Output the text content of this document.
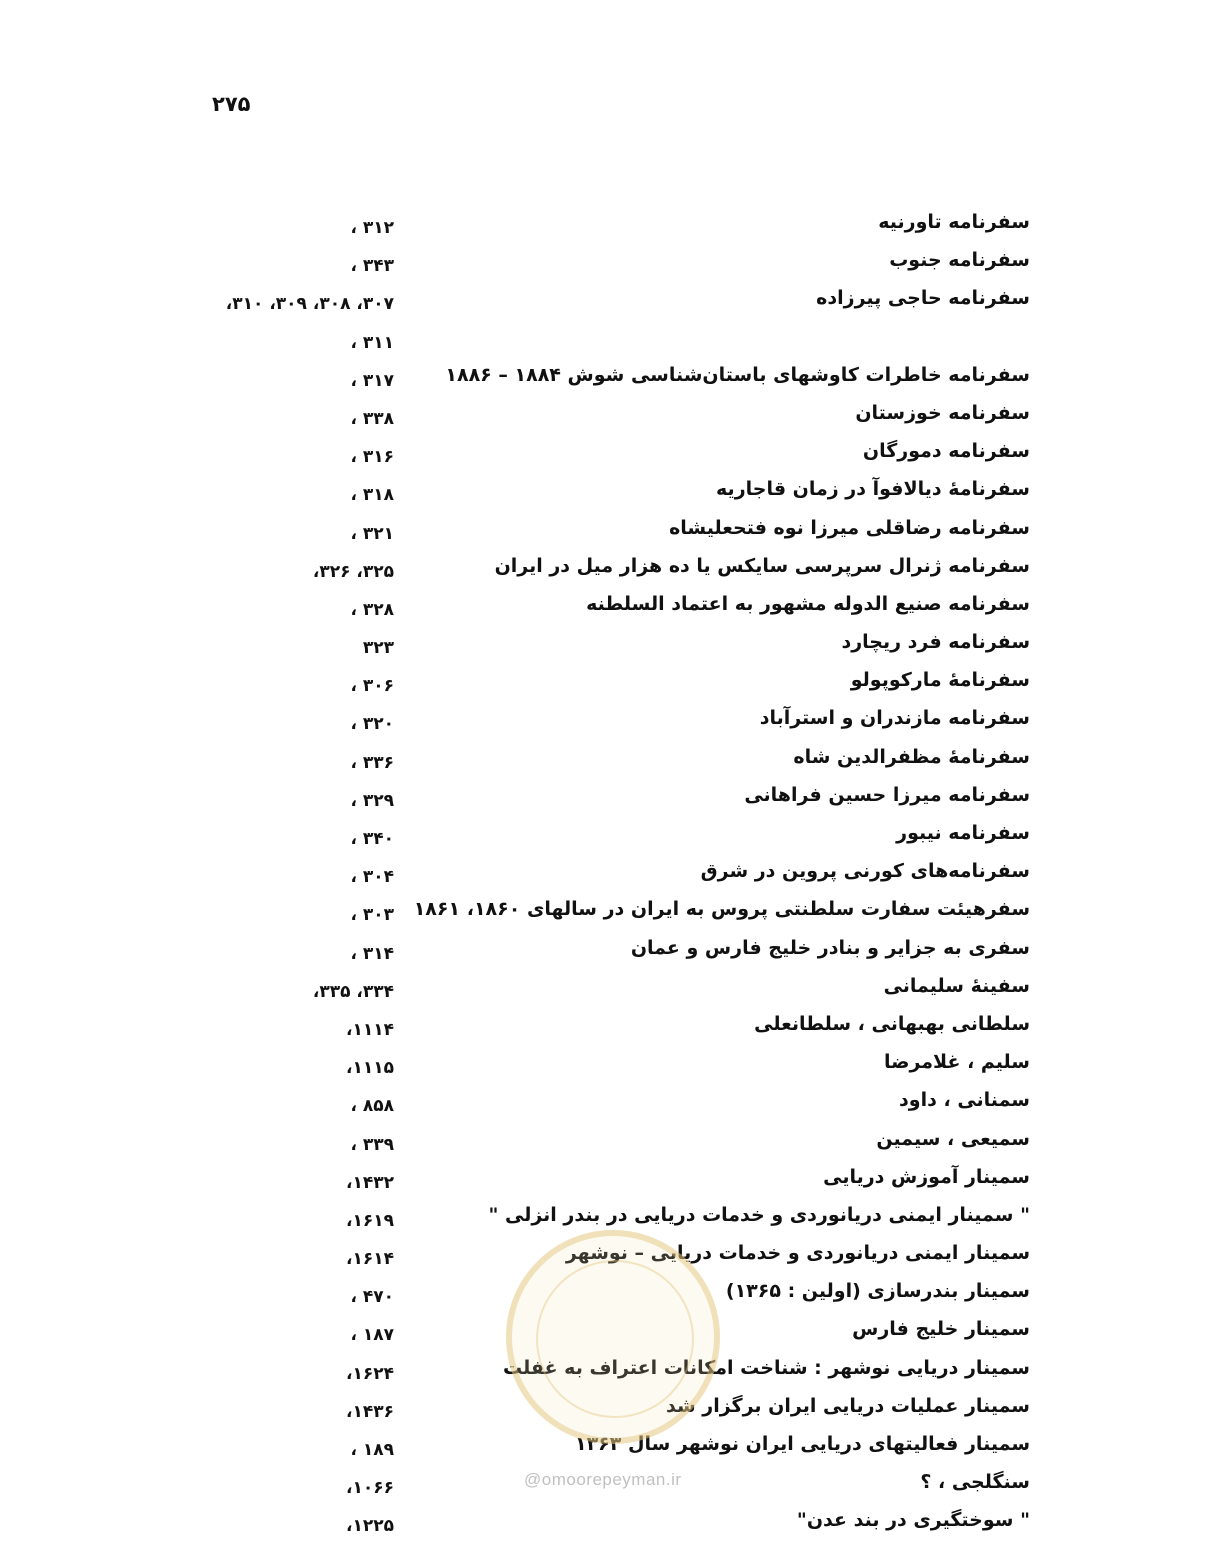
۲۷۵
سفرنامه تاورنیه
۳۱۲ ،
سفرنامه جنوب
۳۴۳ ،
سفرنامه حاجی پیرزاده
۳۰۷، ۳۰۸، ۳۰۹، ۳۱۰،
۳۱۱ ،
سفرنامه خاطرات کاوشهای باستان‌شناسی شوش ۱۸۸۴ – ۱۸۸۶
۳۱۷ ،
سفرنامه خوزستان
۳۳۸ ،
سفرنامه دمورگان
۳۱۶ ،
سفرنامهٔ دیالافوآ در زمان قاجاریه
۳۱۸ ،
سفرنامه رضاقلی میرزا نوه فتحعلیشاه
۳۲۱ ،
سفرنامه ژنرال سرپرسی سایکس یا ده هزار میل در ایران
۳۲۵، ۳۲۶،
سفرنامه صنیع الدوله مشهور به اعتماد السلطنه
۳۲۸ ،
سفرنامه فرد ریچارد
۳۲۳
سفرنامهٔ مارکوپولو
۳۰۶ ،
سفرنامه مازندران و استرآباد
۳۲۰ ،
سفرنامهٔ مظفرالدین شاه
۳۳۶ ،
سفرنامه میرزا حسین فراهانی
۳۲۹ ،
سفرنامه نیبور
۳۴۰ ،
سفرنامه‌های کورنی پروین در شرق
۳۰۴ ،
سفرهیئت سفارت سلطنتی پروس به ایران در سالهای ۱۸۶۰، ۱۸۶۱
۳۰۳ ،
سفری به جزایر و بنادر خلیج فارس و عمان
۳۱۴ ،
سفینهٔ سلیمانی
۳۳۴، ۳۳۵،
سلطانی بهبهانی ، سلطانعلی
۱۱۱۴،
سلیم ، غلامرضا
۱۱۱۵،
سمنانی ، داود
۸۵۸ ،
سمیعی ، سیمین
۳۳۹ ،
سمینار آموزش دریایی
۱۴۳۲،
" سمینار ایمنی دریانوردی و خدمات دریایی در بندر انزلی "
۱۶۱۹،
سمینار ایمنی دریانوردی و خدمات دریایی – نوشهر
۱۶۱۴،
سمینار بندرسازی (اولین : ۱۳۶۵)
۴۷۰ ،
سمینار خلیج فارس
۱۸۷ ،
سمینار دریایی نوشهر : شناخت امکانات اعتراف به غفلت
۱۶۲۴،
سمینار عملیات دریایی ایران برگزار شد
۱۴۳۶،
سمینار فعالیتهای دریایی ایران نوشهر سال ۱۳۶۳
۱۸۹ ،
سنگلجی ، ؟
۱۰۶۶،
" سوختگیری در بند عدن"
۱۲۲۵،
@omoorepeyman.ir
